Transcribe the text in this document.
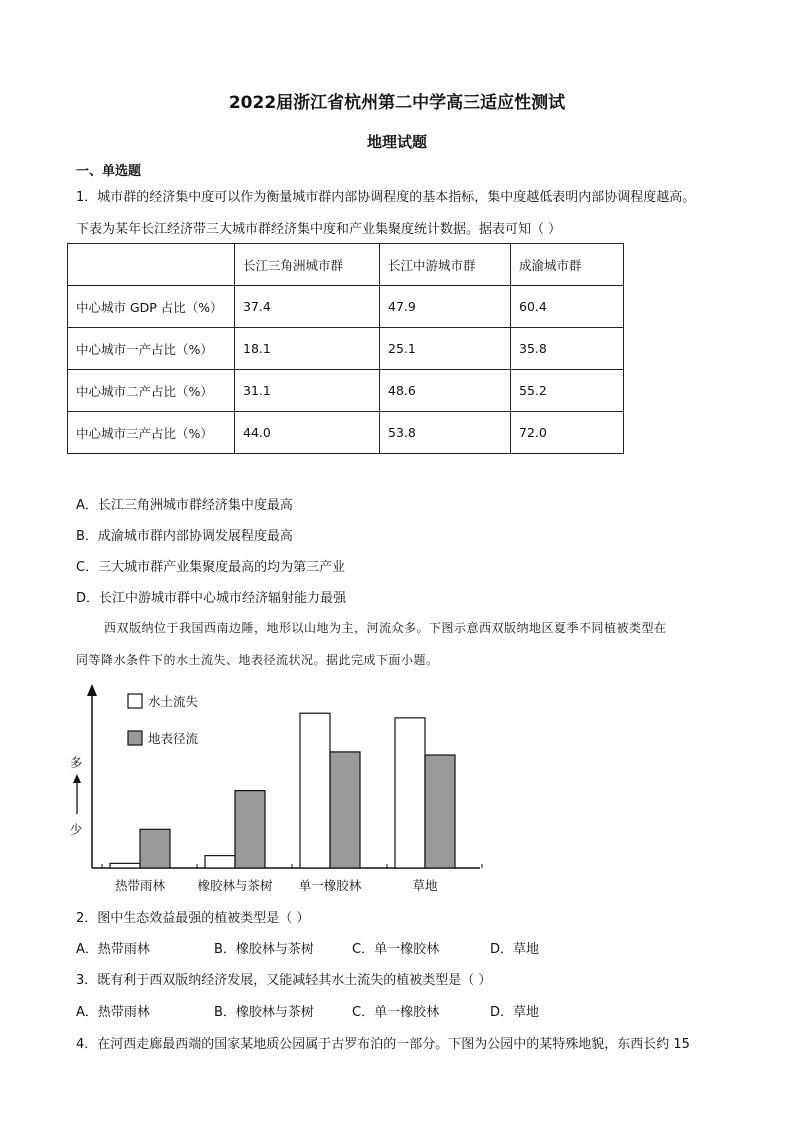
2022届浙江省杭州第二中学高三适应性测试
地理试题
一、单选题
1．城市群的经济集中度可以作为衡量城市群内部协调程度的基本指标，集中度越低表明内部协调程度越高。
下表为某年长江经济带三大城市群经济集中度和产业集聚度统计数据。据表可知（ ）
	长江三角洲城市群	长江中游城市群	成渝城市群
中心城市 GDP 占比（%）	37.4	47.9	60.4
中心城市一产占比（%）	18.1	25.1	35.8
中心城市二产占比（%）	31.1	48.6	55.2
中心城市三产占比（%）	44.0	53.8	72.0
A．长江三角洲城市群经济集中度最高
B．成渝城市群内部协调发展程度最高
C．三大城市群产业集聚度最高的均为第三产业
D．长江中游城市群中心城市经济辐射能力最强
西双版纳位于我国西南边陲，地形以山地为主，河流众多。下图示意西双版纳地区夏季不同植被类型在
同等降水条件下的水土流失、地表径流状况。据此完成下面小题。
多
少
热带雨林	橡胶林与茶树 单一橡胶林	草地
水土流失
地表径流
2．图中生态效益最强的植被类型是（ ）
A．热带雨林	B．橡胶林与茶树	C．单一橡胶林	D．草地
3．既有利于西双版纳经济发展，又能减轻其水土流失的植被类型是（ ）
A．热带雨林	B．橡胶林与茶树	C．单一橡胶林	D．草地
4．在河西走廊最西端的国家某地质公园属于古罗布泊的一部分。下图为公园中的某特殊地貌，东西长约 15
